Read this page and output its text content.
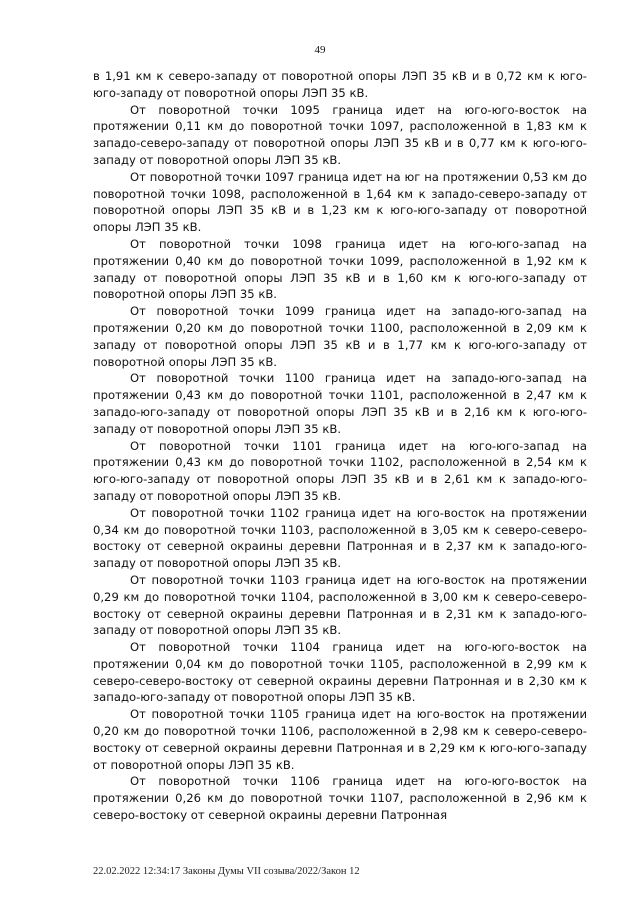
49

в 1,91 км к северо-западу от поворотной опоры ЛЭП 35 кВ и в 0,72 км к юго-юго-западу от поворотной опоры ЛЭП 35 кВ.

От поворотной точки 1095 граница идет на юго-юго-восток на протяжении 0,11 км до поворотной точки 1097, расположенной в 1,83 км к западо-северо-западу от поворотной опоры ЛЭП 35 кВ и в 0,77 км к юго-юго-западу от поворотной опоры ЛЭП 35 кВ.

От поворотной точки 1097 граница идет на юг на протяжении 0,53 км до поворотной точки 1098, расположенной в 1,64 км к западо-северо-западу от поворотной опоры ЛЭП 35 кВ и в 1,23 км к юго-юго-западу от поворотной опоры ЛЭП 35 кВ.

От поворотной точки 1098 граница идет на юго-юго-запад на протяжении 0,40 км до поворотной точки 1099, расположенной в 1,92 км к западу от поворотной опоры ЛЭП 35 кВ и в 1,60 км к юго-юго-западу от поворотной опоры ЛЭП 35 кВ.

От поворотной точки 1099 граница идет на западо-юго-запад на протяжении 0,20 км до поворотной точки 1100, расположенной в 2,09 км к западу от поворотной опоры ЛЭП 35 кВ и в 1,77 км к юго-юго-западу от поворотной опоры ЛЭП 35 кВ.

От поворотной точки 1100 граница идет на западо-юго-запад на протяжении 0,43 км до поворотной точки 1101, расположенной в 2,47 км к западо-юго-западу от поворотной опоры ЛЭП 35 кВ и в 2,16 км к юго-юго-западу от поворотной опоры ЛЭП 35 кВ.

От поворотной точки 1101 граница идет на юго-юго-запад на протяжении 0,43 км до поворотной точки 1102, расположенной в 2,54 км к юго-юго-западу от поворотной опоры ЛЭП 35 кВ и в 2,61 км к западо-юго-западу от поворотной опоры ЛЭП 35 кВ.

От поворотной точки 1102 граница идет на юго-восток на протяжении 0,34 км до поворотной точки 1103, расположенной в 3,05 км к северо-северо-востоку от северной окраины деревни Патронная и в 2,37 км к западо-юго-западу от поворотной опоры ЛЭП 35 кВ.

От поворотной точки 1103 граница идет на юго-восток на протяжении 0,29 км до поворотной точки 1104, расположенной в 3,00 км к северо-северо-востоку от северной окраины деревни Патронная и в 2,31 км к западо-юго-западу от поворотной опоры ЛЭП 35 кВ.

От поворотной точки 1104 граница идет на юго-юго-восток на протяжении 0,04 км до поворотной точки 1105, расположенной в 2,99 км к северо-северо-востоку от северной окраины деревни Патронная и в 2,30 км к западо-юго-западу от поворотной опоры ЛЭП 35 кВ.

От поворотной точки 1105 граница идет на юго-восток на протяжении 0,20 км до поворотной точки 1106, расположенной в 2,98 км к северо-северо-востоку от северной окраины деревни Патронная и в 2,29 км к юго-юго-западу от поворотной опоры ЛЭП 35 кВ.

От поворотной точки 1106 граница идет на юго-юго-восток на протяжении 0,26 км до поворотной точки 1107, расположенной в 2,96 км к северо-востоку от северной окраины деревни Патронная

22.02.2022 12:34:17 Законы Думы VII созыва/2022/Закон 12
